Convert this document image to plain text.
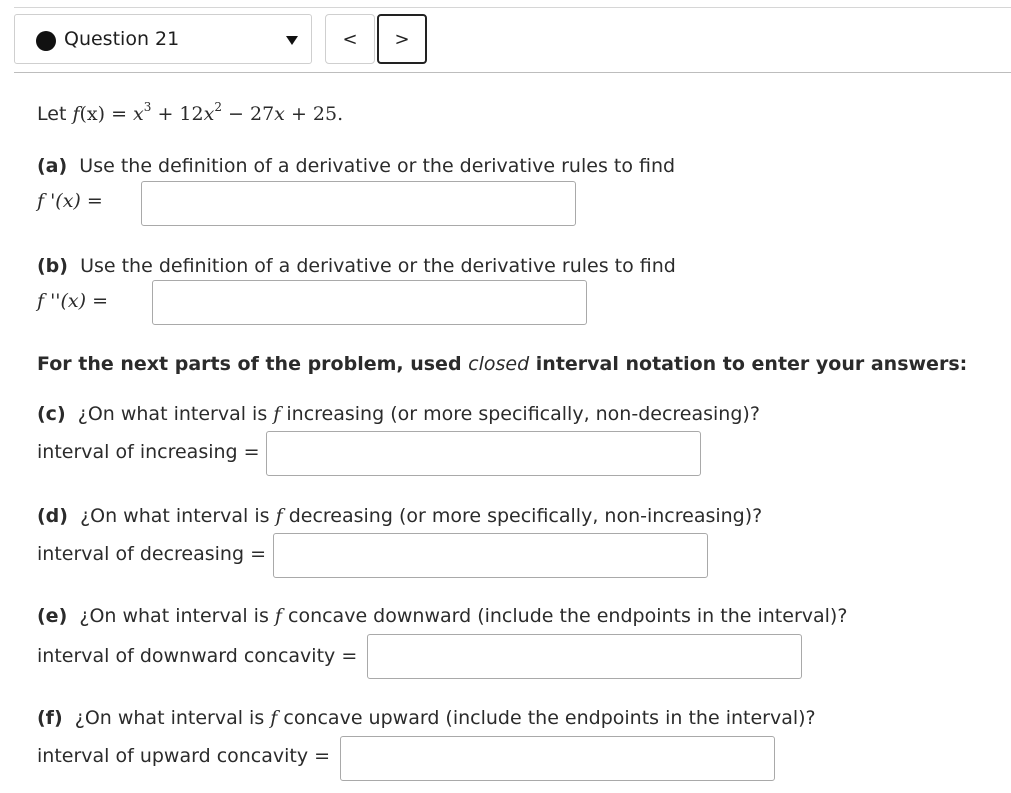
Question 21	< >
Let $f(x) = x^3 + 12x^2 - 27x + 25$.
(a) Use the definition of a derivative or the derivative rules to find
f '(x) =
(b) Use the definition of a derivative or the derivative rules to find
f ''(x) =
For the next parts of the problem, used closed interval notation to enter your answers:
(c) ¿On what interval is f increasing (or more specifically, non-decreasing)?
interval of increasing =
(d) ¿On what interval is f decreasing (or more specifically, non-increasing)?
interval of decreasing =
(e) ¿On what interval is f concave downward (include the endpoints in the interval)?
interval of downward concavity =
(f) ¿On what interval is f concave upward (include the endpoints in the interval)?
interval of upward concavity =
